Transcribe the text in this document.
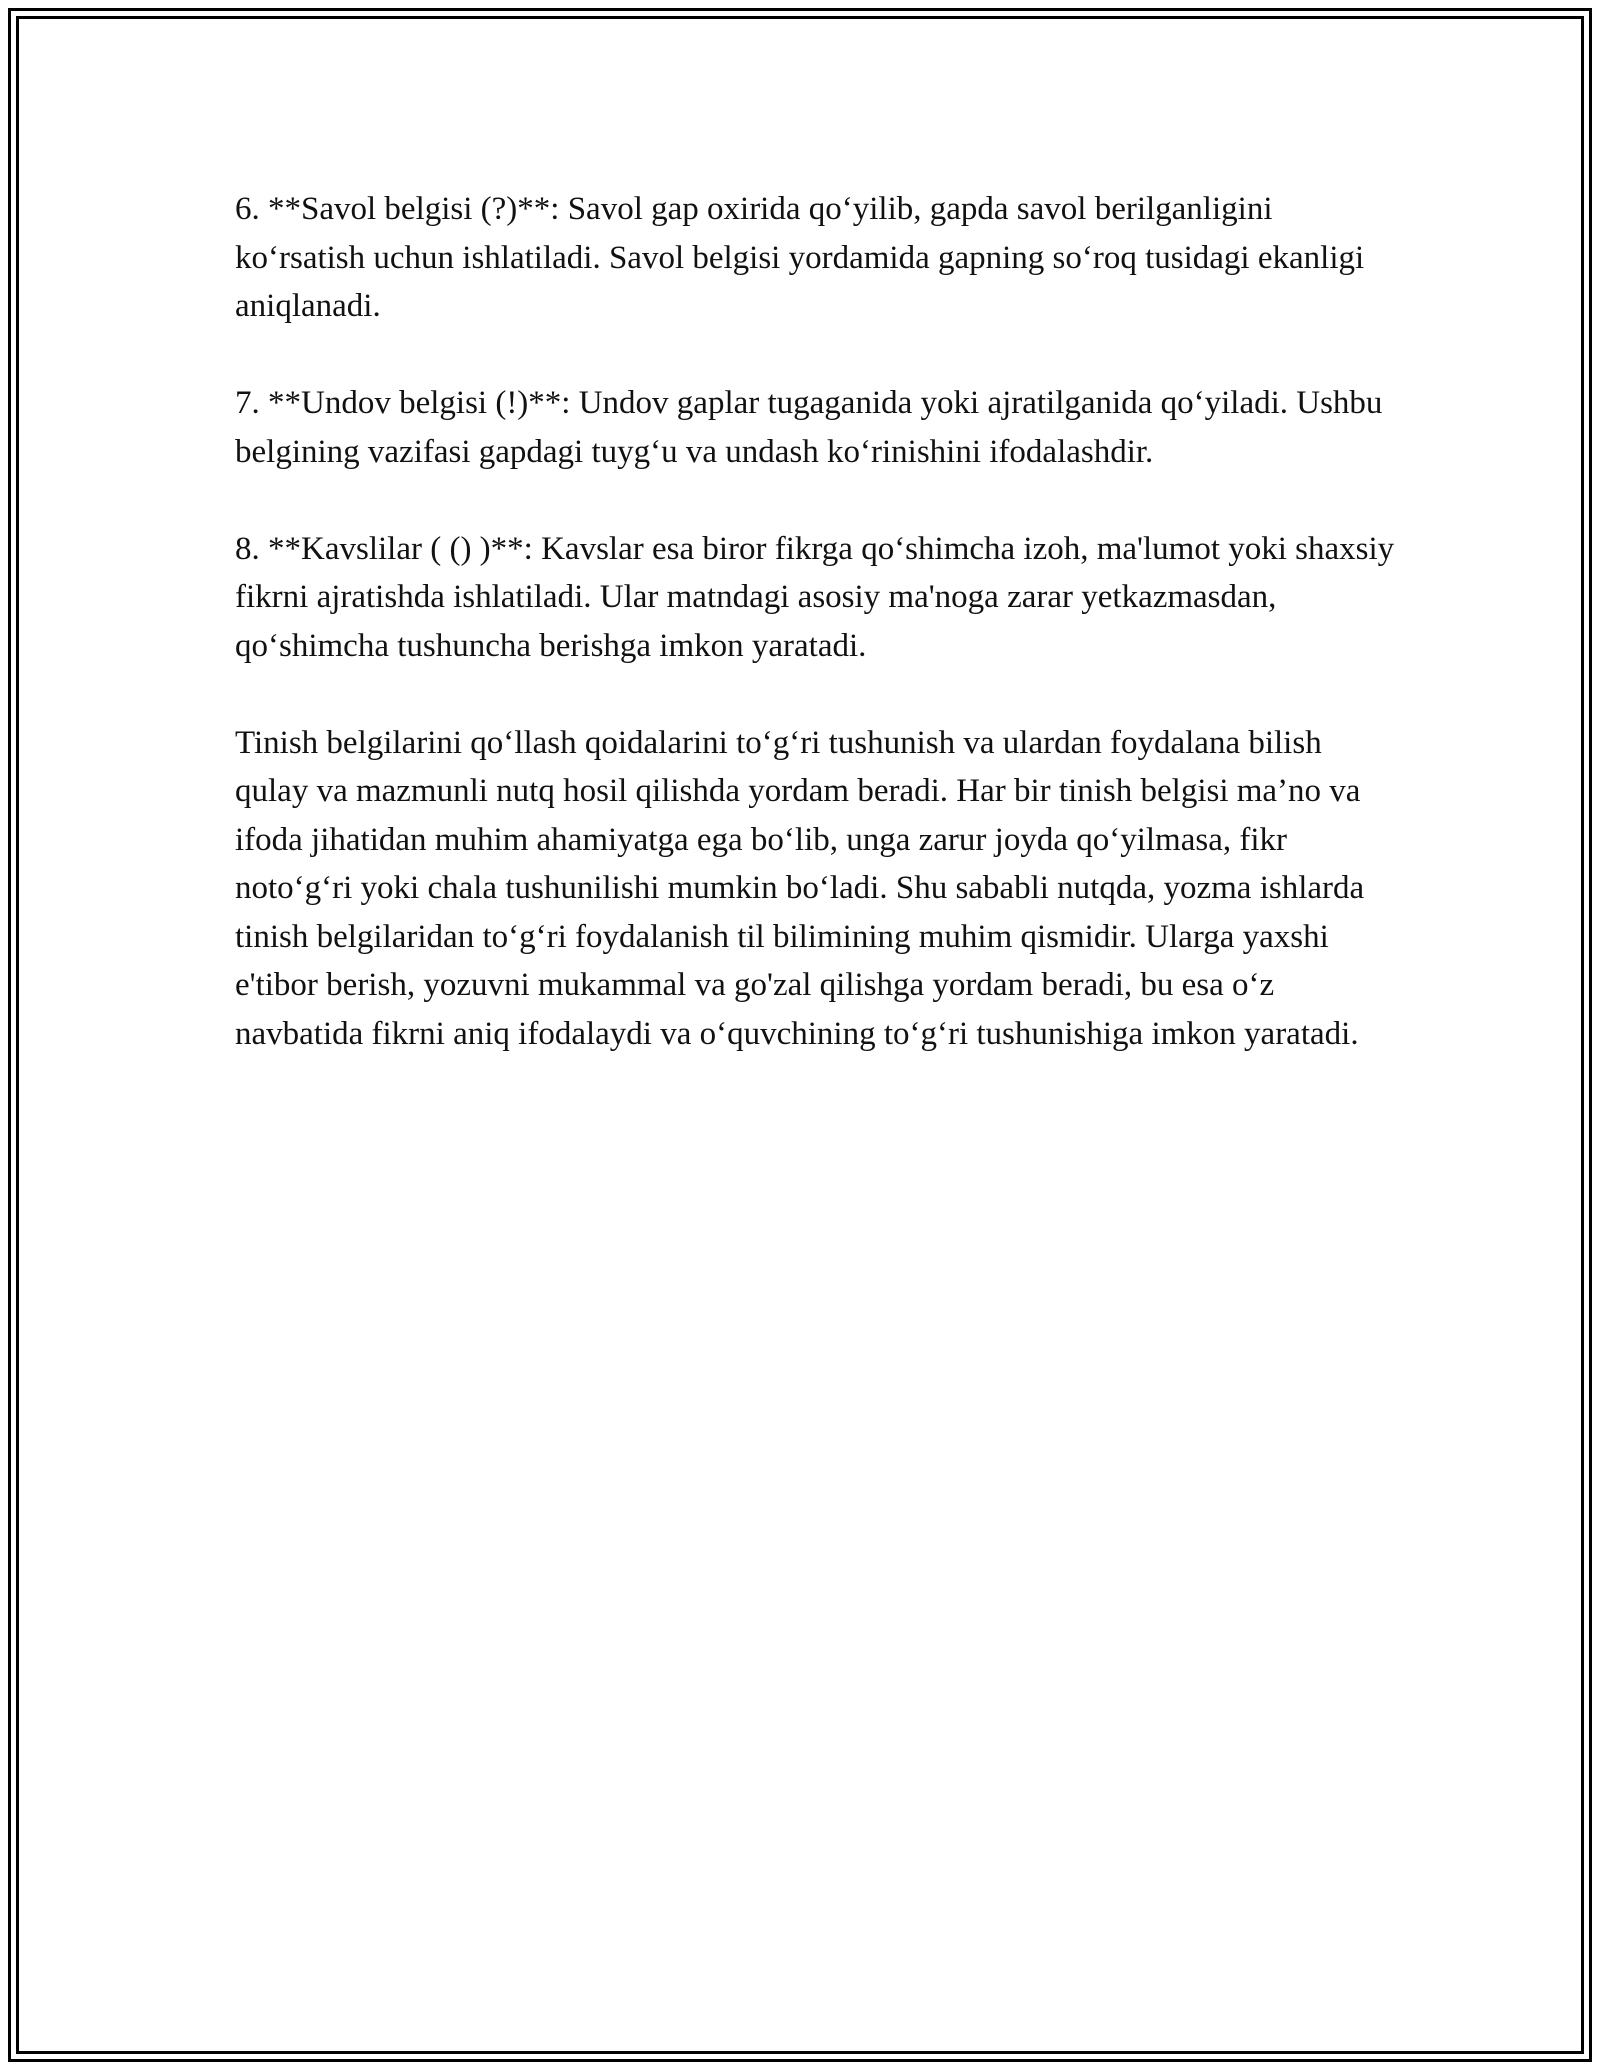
6. **Savol belgisi (?)**: Savol gap oxirida qo‘yilib, gapda savol berilganligini ko‘rsatish uchun ishlatiladi. Savol belgisi yordamida gapning so‘roq tusidagi ekanligi aniqlanadi.

7. **Undov belgisi (!)**: Undov gaplar tugaganida yoki ajratilganida qo‘yiladi. Ushbu belgining vazifasi gapdagi tuyg‘u va undash ko‘rinishini ifodalashdir.

8. **Kavslilar ( () )**: Kavslar esa biror fikrga qo‘shimcha izoh, ma'lumot yoki shaxsiy fikrni ajratishda ishlatiladi. Ular matndagi asosiy ma'noga zarar yetkazmasdan, qo‘shimcha tushuncha berishga imkon yaratadi.

Tinish belgilarini qo‘llash qoidalarini to‘g‘ri tushunish va ulardan foydalana bilish qulay va mazmunli nutq hosil qilishda yordam beradi. Har bir tinish belgisi ma’no va ifoda jihatidan muhim ahamiyatga ega bo‘lib, unga zarur joyda qo‘yilmasa, fikr noto‘g‘ri yoki chala tushunilishi mumkin bo‘ladi. Shu sababli nutqda, yozma ishlarda tinish belgilaridan to‘g‘ri foydalanish til bilimining muhim qismidir. Ularga yaxshi e'tibor berish, yozuvni mukammal va go'zal qilishga yordam beradi, bu esa o‘z navbatida fikrni aniq ifodalaydi va o‘quvchining to‘g‘ri tushunishiga imkon yaratadi.
